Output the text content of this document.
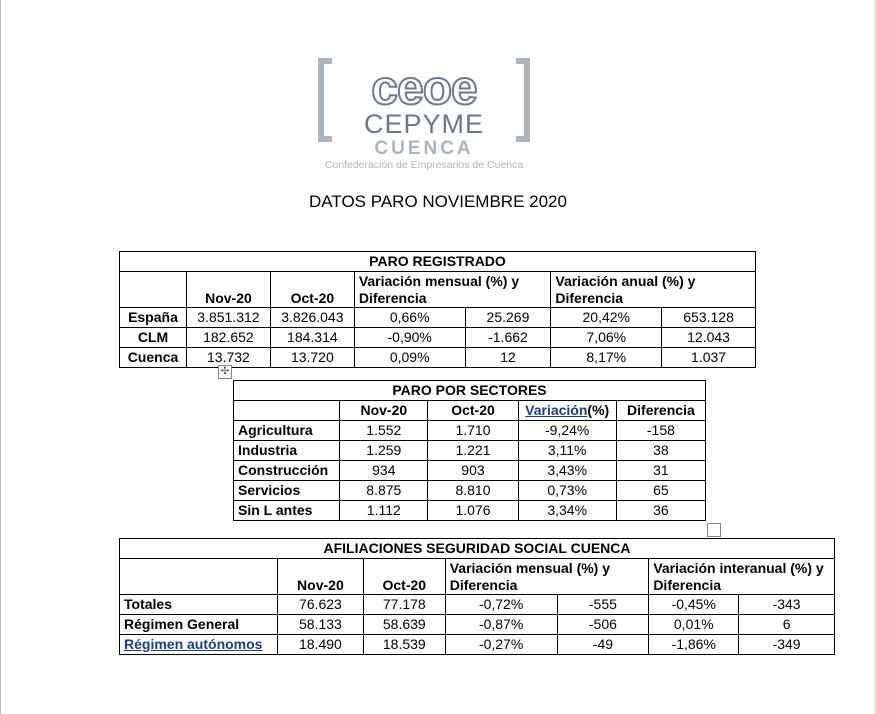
ceoe
CEPYME
CUENCA
Confederación de Empresarios de Cuenca
DATOS PARO NOVIEMBRE 2020
PARO REGISTRADO						
	Nov-20	Oct-20	Variación mensual (%) y Diferencia		Variación anual (%) y Diferencia	
España	3.851.312	3.826.043	0,66%	25.269	20,42%	653.128
CLM	182.652	184.314	-0,90%	-1.662	7,06%	12.043
Cuenca	13.732	13.720	0,09%	12	8,17%	1.037
✣
PARO POR SECTORES				
	Nov-20	Oct-20	Variación(%)	Diferencia
Agricultura	1.552	1.710	-9,24%	-158
Industria	1.259	1.221	3,11%	38
Construcción	934	903	3,43%	31
Servicios	8.875	8.810	0,73%	65
Sin L antes	1.112	1.076	3,34%	36
AFILIACIONES SEGURIDAD SOCIAL CUENCA						
	Nov-20	Oct-20	Variación mensual (%) y Diferencia		Variación interanual (%) y Diferencia	
Totales	76.623	77.178	-0,72%	-555	-0,45%	-343
Régimen General	58.133	58.639	-0,87%	-506	0,01%	6
Régimen autónomos	18.490	18.539	-0,27%	-49	-1,86%	-349
